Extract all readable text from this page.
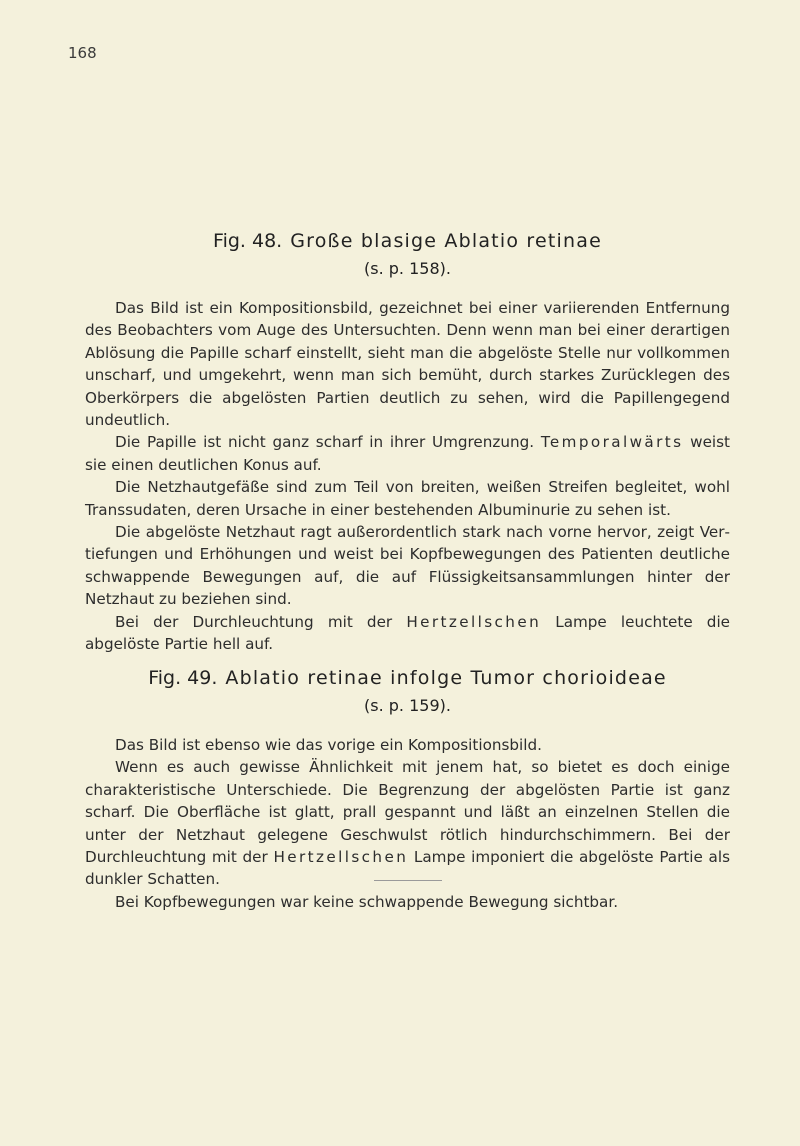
168
Fig. 48. Große blasige Ablatio retinae
(s. p. 158).

Das Bild ist ein Kompositionsbild, gezeichnet bei einer variierenden Entfernung des Beobachters vom Auge des Untersuchten. Denn wenn man bei einer derartigen Ablösung die Papille scharf einstellt, sieht man die abgelöste Stelle nur vollkommen unscharf, und umgekehrt, wenn man sich bemüht, durch starkes Zurücklegen des Oberkörpers die abgelösten Partien deutlich zu sehen, wird die Papillengegend undeutlich.

Die Papille ist nicht ganz scharf in ihrer Umgrenzung. Temporalwärts weist sie einen deutlichen Konus auf.

Die Netzhautgefäße sind zum Teil von breiten, weißen Streifen begleitet, wohl Transsudaten, deren Ursache in einer bestehenden Albuminurie zu sehen ist.

Die abgelöste Netzhaut ragt außerordentlich stark nach vorne hervor, zeigt Vertiefungen und Erhöhungen und weist bei Kopfbewegungen des Patienten deutliche schwappende Bewegungen auf, die auf Flüssigkeitsansammlungen hinter der Netzhaut zu beziehen sind.

Bei der Durchleuchtung mit der Hertzellschen Lampe leuchtete die abgelöste Partie hell auf.

Fig. 49. Ablatio retinae infolge Tumor chorioideae
(s. p. 159).

Das Bild ist ebenso wie das vorige ein Kompositionsbild.

Wenn es auch gewisse Ähnlichkeit mit jenem hat, so bietet es doch einige charakteristische Unterschiede. Die Begrenzung der abgelösten Partie ist ganz scharf. Die Oberfläche ist glatt, prall gespannt und läßt an einzelnen Stellen die unter der Netzhaut gelegene Geschwulst rötlich hindurchschimmern. Bei der Durchleuchtung mit der Hertzellschen Lampe imponiert die abgelöste Partie als dunkler Schatten.

Bei Kopfbewegungen war keine schwappende Bewegung sichtbar.
